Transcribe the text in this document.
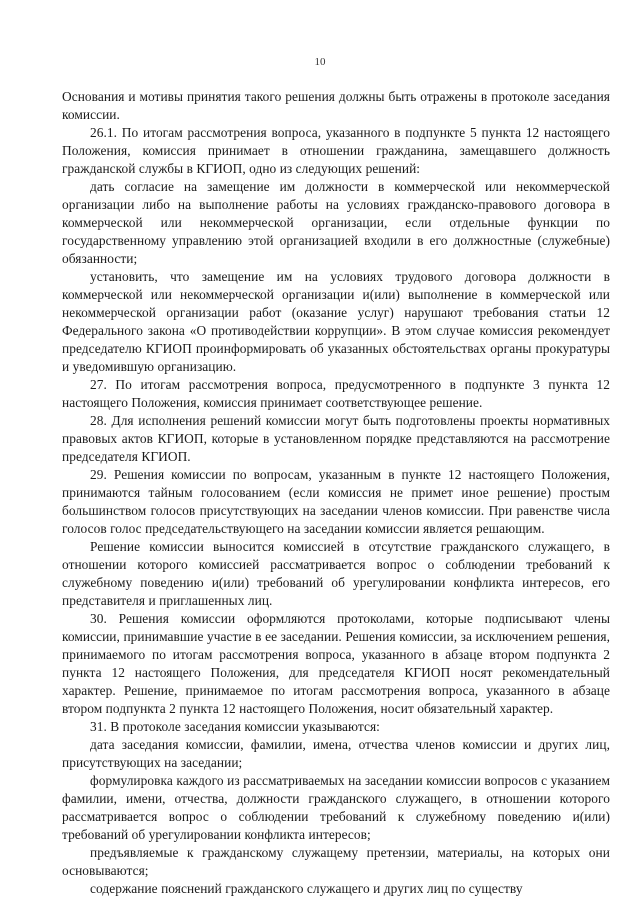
10

Основания и мотивы принятия такого решения должны быть отражены в протоколе заседания комиссии.

26.1. По итогам рассмотрения вопроса, указанного в подпункте 5 пункта 12 настоящего Положения, комиссия принимает в отношении гражданина, замещавшего должность гражданской службы в КГИОП, одно из следующих решений:

дать согласие на замещение им должности в коммерческой или некоммерческой организации либо на выполнение работы на условиях гражданско-правового договора в коммерческой или некоммерческой организации, если отдельные функции по государственному управлению этой организацией входили в его должностные (служебные) обязанности;

установить, что замещение им на условиях трудового договора должности в коммерческой или некоммерческой организации и(или) выполнение в коммерческой или некоммерческой организации работ (оказание услуг) нарушают требования статьи 12 Федерального закона «О противодействии коррупции». В этом случае комиссия рекомендует председателю КГИОП проинформировать об указанных обстоятельствах органы прокуратуры и уведомившую организацию.

27. По итогам рассмотрения вопроса, предусмотренного в подпункте 3 пункта 12 настоящего Положения, комиссия принимает соответствующее решение.

28. Для исполнения решений комиссии могут быть подготовлены проекты нормативных правовых актов КГИОП, которые в установленном порядке представляются на рассмотрение председателя КГИОП.

29. Решения комиссии по вопросам, указанным в пункте 12 настоящего Положения, принимаются тайным голосованием (если комиссия не примет иное решение) простым большинством голосов присутствующих на заседании членов комиссии. При равенстве числа голосов голос председательствующего на заседании комиссии является решающим.

Решение комиссии выносится комиссией в отсутствие гражданского служащего, в отношении которого комиссией рассматривается вопрос о соблюдении требований к служебному поведению и(или) требований об урегулировании конфликта интересов, его представителя и приглашенных лиц.

30. Решения комиссии оформляются протоколами, которые подписывают члены комиссии, принимавшие участие в ее заседании. Решения комиссии, за исключением решения, принимаемого по итогам рассмотрения вопроса, указанного в абзаце втором подпункта 2 пункта 12 настоящего Положения, для председателя КГИОП носят рекомендательный характер. Решение, принимаемое по итогам рассмотрения вопроса, указанного в абзаце втором подпункта 2 пункта 12 настоящего Положения, носит обязательный характер.

31. В протоколе заседания комиссии указываются:

дата заседания комиссии, фамилии, имена, отчества членов комиссии и других лиц, присутствующих на заседании;

формулировка каждого из рассматриваемых на заседании комиссии вопросов с указанием фамилии, имени, отчества, должности гражданского служащего, в отношении которого рассматривается вопрос о соблюдении требований к служебному поведению и(или) требований об урегулировании конфликта интересов;

предъявляемые к гражданскому служащему претензии, материалы, на которых они основываются;

содержание пояснений гражданского служащего и других лиц по существу
